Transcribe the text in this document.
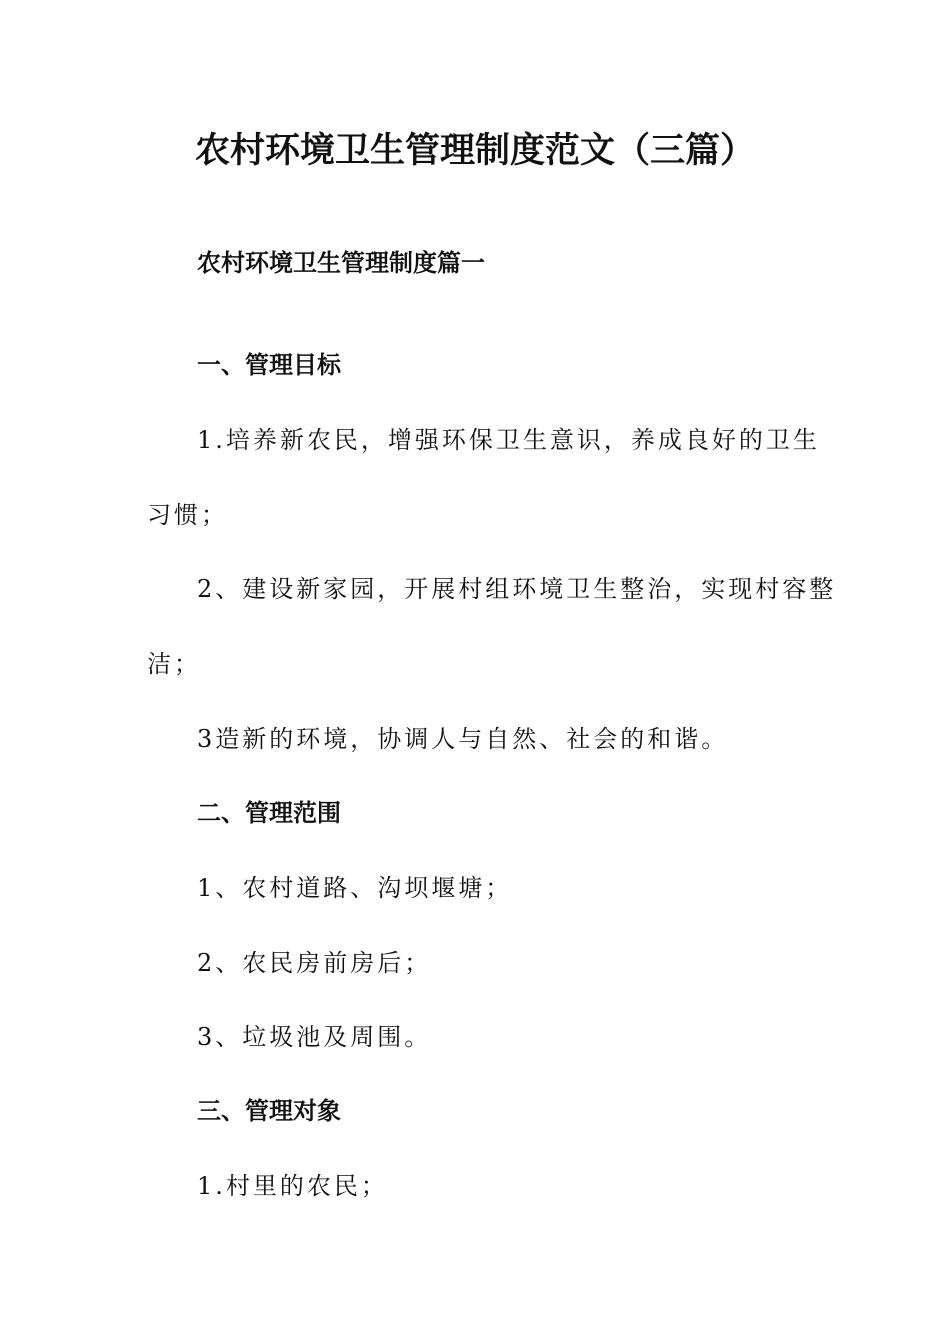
农村环境卫生管理制度范文（三篇）
农村环境卫生管理制度篇一
一、管理目标
1.培养新农民，增强环保卫生意识，养成良好的卫生
习惯；
2、建设新家园，开展村组环境卫生整治，实现村容整
洁；
3造新的环境，协调人与自然、社会的和谐。
二、管理范围
1、农村道路、沟坝堰塘；
2、农民房前房后；
3、垃圾池及周围。
三、管理对象
1.村里的农民；
